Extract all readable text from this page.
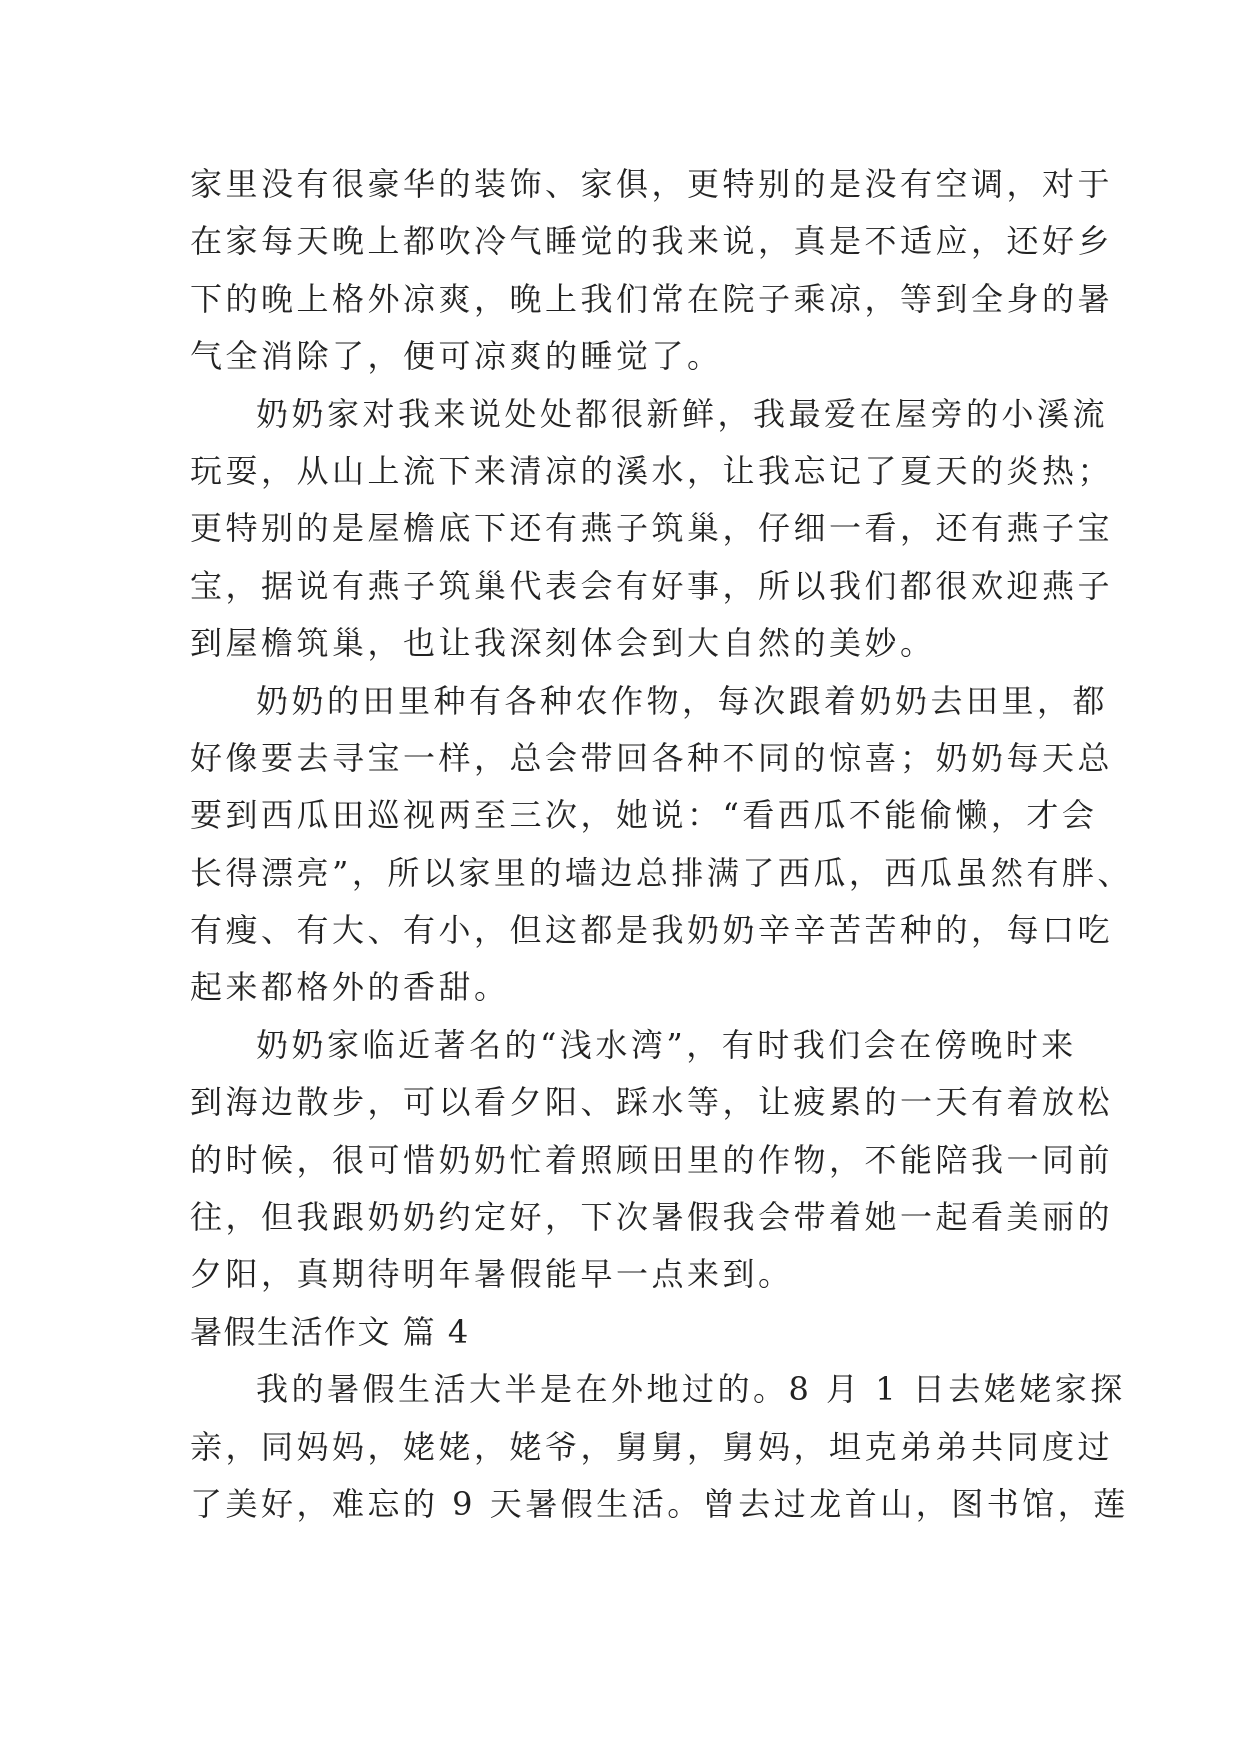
家里没有很豪华的装饰、家俱，更特别的是没有空调，对于
在家每天晚上都吹冷气睡觉的我来说，真是不适应，还好乡
下的晚上格外凉爽，晚上我们常在院子乘凉，等到全身的暑
气全消除了，便可凉爽的睡觉了。
奶奶家对我来说处处都很新鲜，我最爱在屋旁的小溪流
玩耍，从山上流下来清凉的溪水，让我忘记了夏天的炎热；
更特别的是屋檐底下还有燕子筑巢，仔细一看，还有燕子宝
宝，据说有燕子筑巢代表会有好事，所以我们都很欢迎燕子
到屋檐筑巢，也让我深刻体会到大自然的美妙。
奶奶的田里种有各种农作物，每次跟着奶奶去田里，都
好像要去寻宝一样，总会带回各种不同的惊喜；奶奶每天总
要到西瓜田巡视两至三次，她说：“看西瓜不能偷懒，才会
长得漂亮”，所以家里的墙边总排满了西瓜，西瓜虽然有胖、
有瘦、有大、有小，但这都是我奶奶辛辛苦苦种的，每口吃
起来都格外的香甜。
奶奶家临近著名的“浅水湾”，有时我们会在傍晚时来
到海边散步，可以看夕阳、踩水等，让疲累的一天有着放松
的时候，很可惜奶奶忙着照顾田里的作物，不能陪我一同前
往，但我跟奶奶约定好，下次暑假我会带着她一起看美丽的
夕阳，真期待明年暑假能早一点来到。
暑假生活作文 篇 4
我的暑假生活大半是在外地过的。8 月 1 日去姥姥家探
亲，同妈妈，姥姥，姥爷，舅舅，舅妈，坦克弟弟共同度过
了美好，难忘的 9 天暑假生活。曾去过龙首山，图书馆，莲
